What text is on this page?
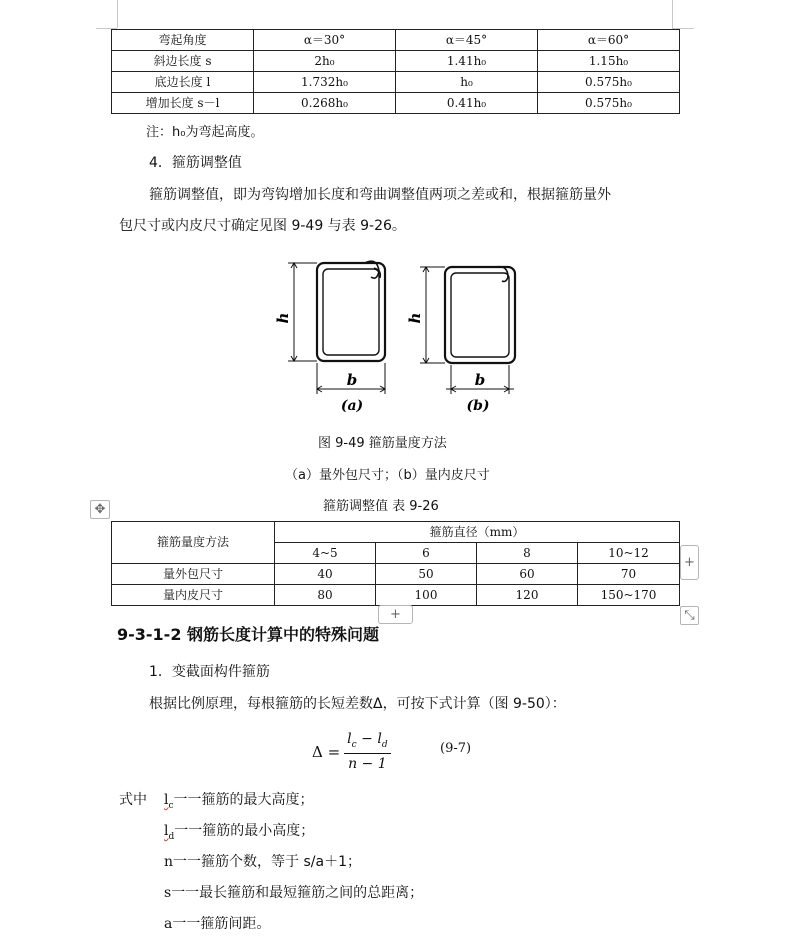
弯起角度	α＝30°	α＝45°	α＝60°
斜边长度 s	2h₀	1.41h₀	1.15h₀
底边长度 l	1.732h₀	h₀	0.575h₀
增加长度 s－l	0.268h₀	0.41h₀	0.575h₀
注：h₀为弯起高度。
4．箍筋调整值
箍筋调整值，即为弯钩增加长度和弯曲调整值两项之差或和，根据箍筋量外
包尺寸或内皮尺寸确定见图 9-49 与表 9-26。
h
b
(a)
h
b
(b)
图 9-49 箍筋量度方法
（a）量外包尺寸；（b）量内皮尺寸
箍筋调整值 表 9-26
✥
箍筋量度方法	箍筋直径（mm）			
	4~5	6	8	10~12
量外包尺寸	40	50	60	70
量内皮尺寸	80	100	120	150~170
+
+	⤡
9-3-1-2 钢筋长度计算中的特殊问题
1．变截面构件箍筋
根据比例原理，每根箍筋的长短差数Δ，可按下式计算（图 9-50）：
$\Delta = \frac{l_c - l_d}{n - 1}$	(9-7)
式中 $l_c$一一箍筋的最大高度；
$l_d$一一箍筋的最小高度；
n一一箍筋个数，等于 s/a＋1；
s一一最长箍筋和最短箍筋之间的总距离；
a一一箍筋间距。
